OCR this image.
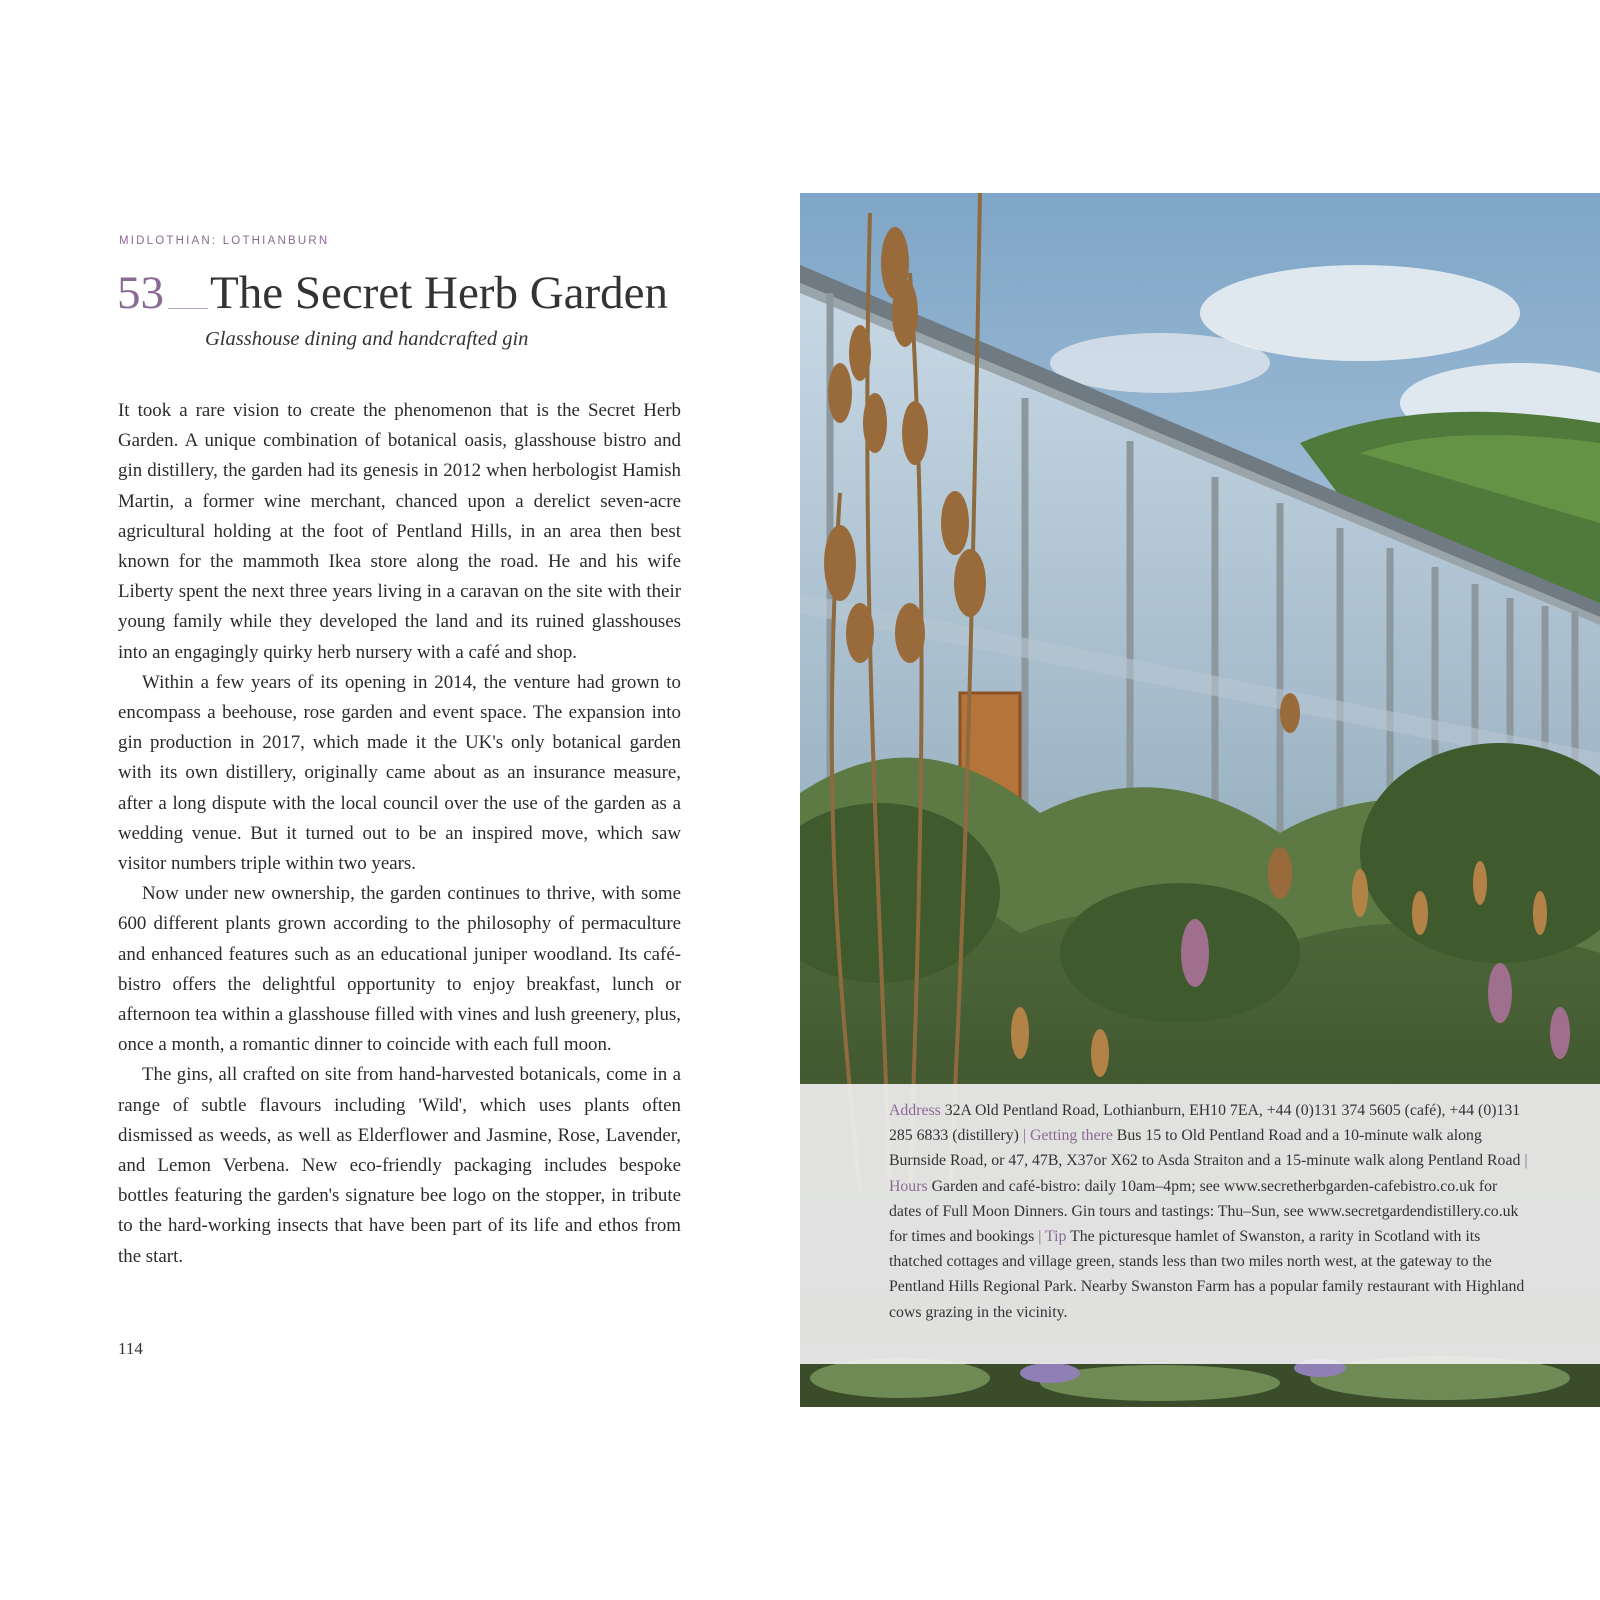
MIDLOTHIAN: LOTHIANBURN
53 The Secret Herb Garden
Glasshouse dining and handcrafted gin

It took a rare vision to create the phenomenon that is the Secret Herb Garden. A unique combination of botanical oasis, glasshouse bistro and gin distillery, the garden had its genesis in 2012 when herbologist Hamish Martin, a former wine merchant, chanced upon a derelict seven-acre agricultural holding at the foot of Pentland Hills, in an area then best known for the mammoth Ikea store along the road. He and his wife Liberty spent the next three years living in a caravan on the site with their young family while they developed the land and its ruined glasshouses into an engagingly quirky herb nursery with a café and shop.

Within a few years of its opening in 2014, the venture had grown to encompass a beehouse, rose garden and event space. The expansion into gin production in 2017, which made it the UK's only botanical garden with its own distillery, originally came about as an insurance measure, after a long dispute with the local council over the use of the garden as a wedding venue. But it turned out to be an inspired move, which saw visitor numbers triple within two years.

Now under new ownership, the garden continues to thrive, with some 600 different plants grown according to the philosophy of permaculture and enhanced features such as an educational juniper woodland. Its café-bistro offers the delightful opportunity to enjoy breakfast, lunch or afternoon tea within a glasshouse filled with vines and lush greenery, plus, once a month, a romantic dinner to coincide with each full moon.

The gins, all crafted on site from hand-harvested botanicals, come in a range of subtle flavours including 'Wild', which uses plants often dismissed as weeds, as well as Elderflower and Jasmine, Rose, Lavender, and Lemon Verbena. New eco-friendly packaging includes bespoke bottles featuring the garden's signature bee logo on the stopper, in tribute to the hard-working insects that have been part of its life and ethos from the start.

114
Address 32A Old Pentland Road, Lothianburn, EH10 7EA, +44 (0)131 374 5605 (café), +44 (0)131 285 6833 (distillery) | Getting there Bus 15 to Old Pentland Road and a 10-minute walk along Burnside Road, or 47, 47B, X37or X62 to Asda Straiton and a 15-minute walk along Pentland Road | Hours Garden and café-bistro: daily 10am–4pm; see www.secretherbgarden-cafebistro.co.uk for dates of Full Moon Dinners. Gin tours and tastings: Thu–Sun, see www.secretgardendistillery.co.uk for times and bookings | Tip The picturesque hamlet of Swanston, a rarity in Scotland with its thatched cottages and village green, stands less than two miles north west, at the gateway to the Pentland Hills Regional Park. Nearby Swanston Farm has a popular family restaurant with Highland cows grazing in the vicinity.
